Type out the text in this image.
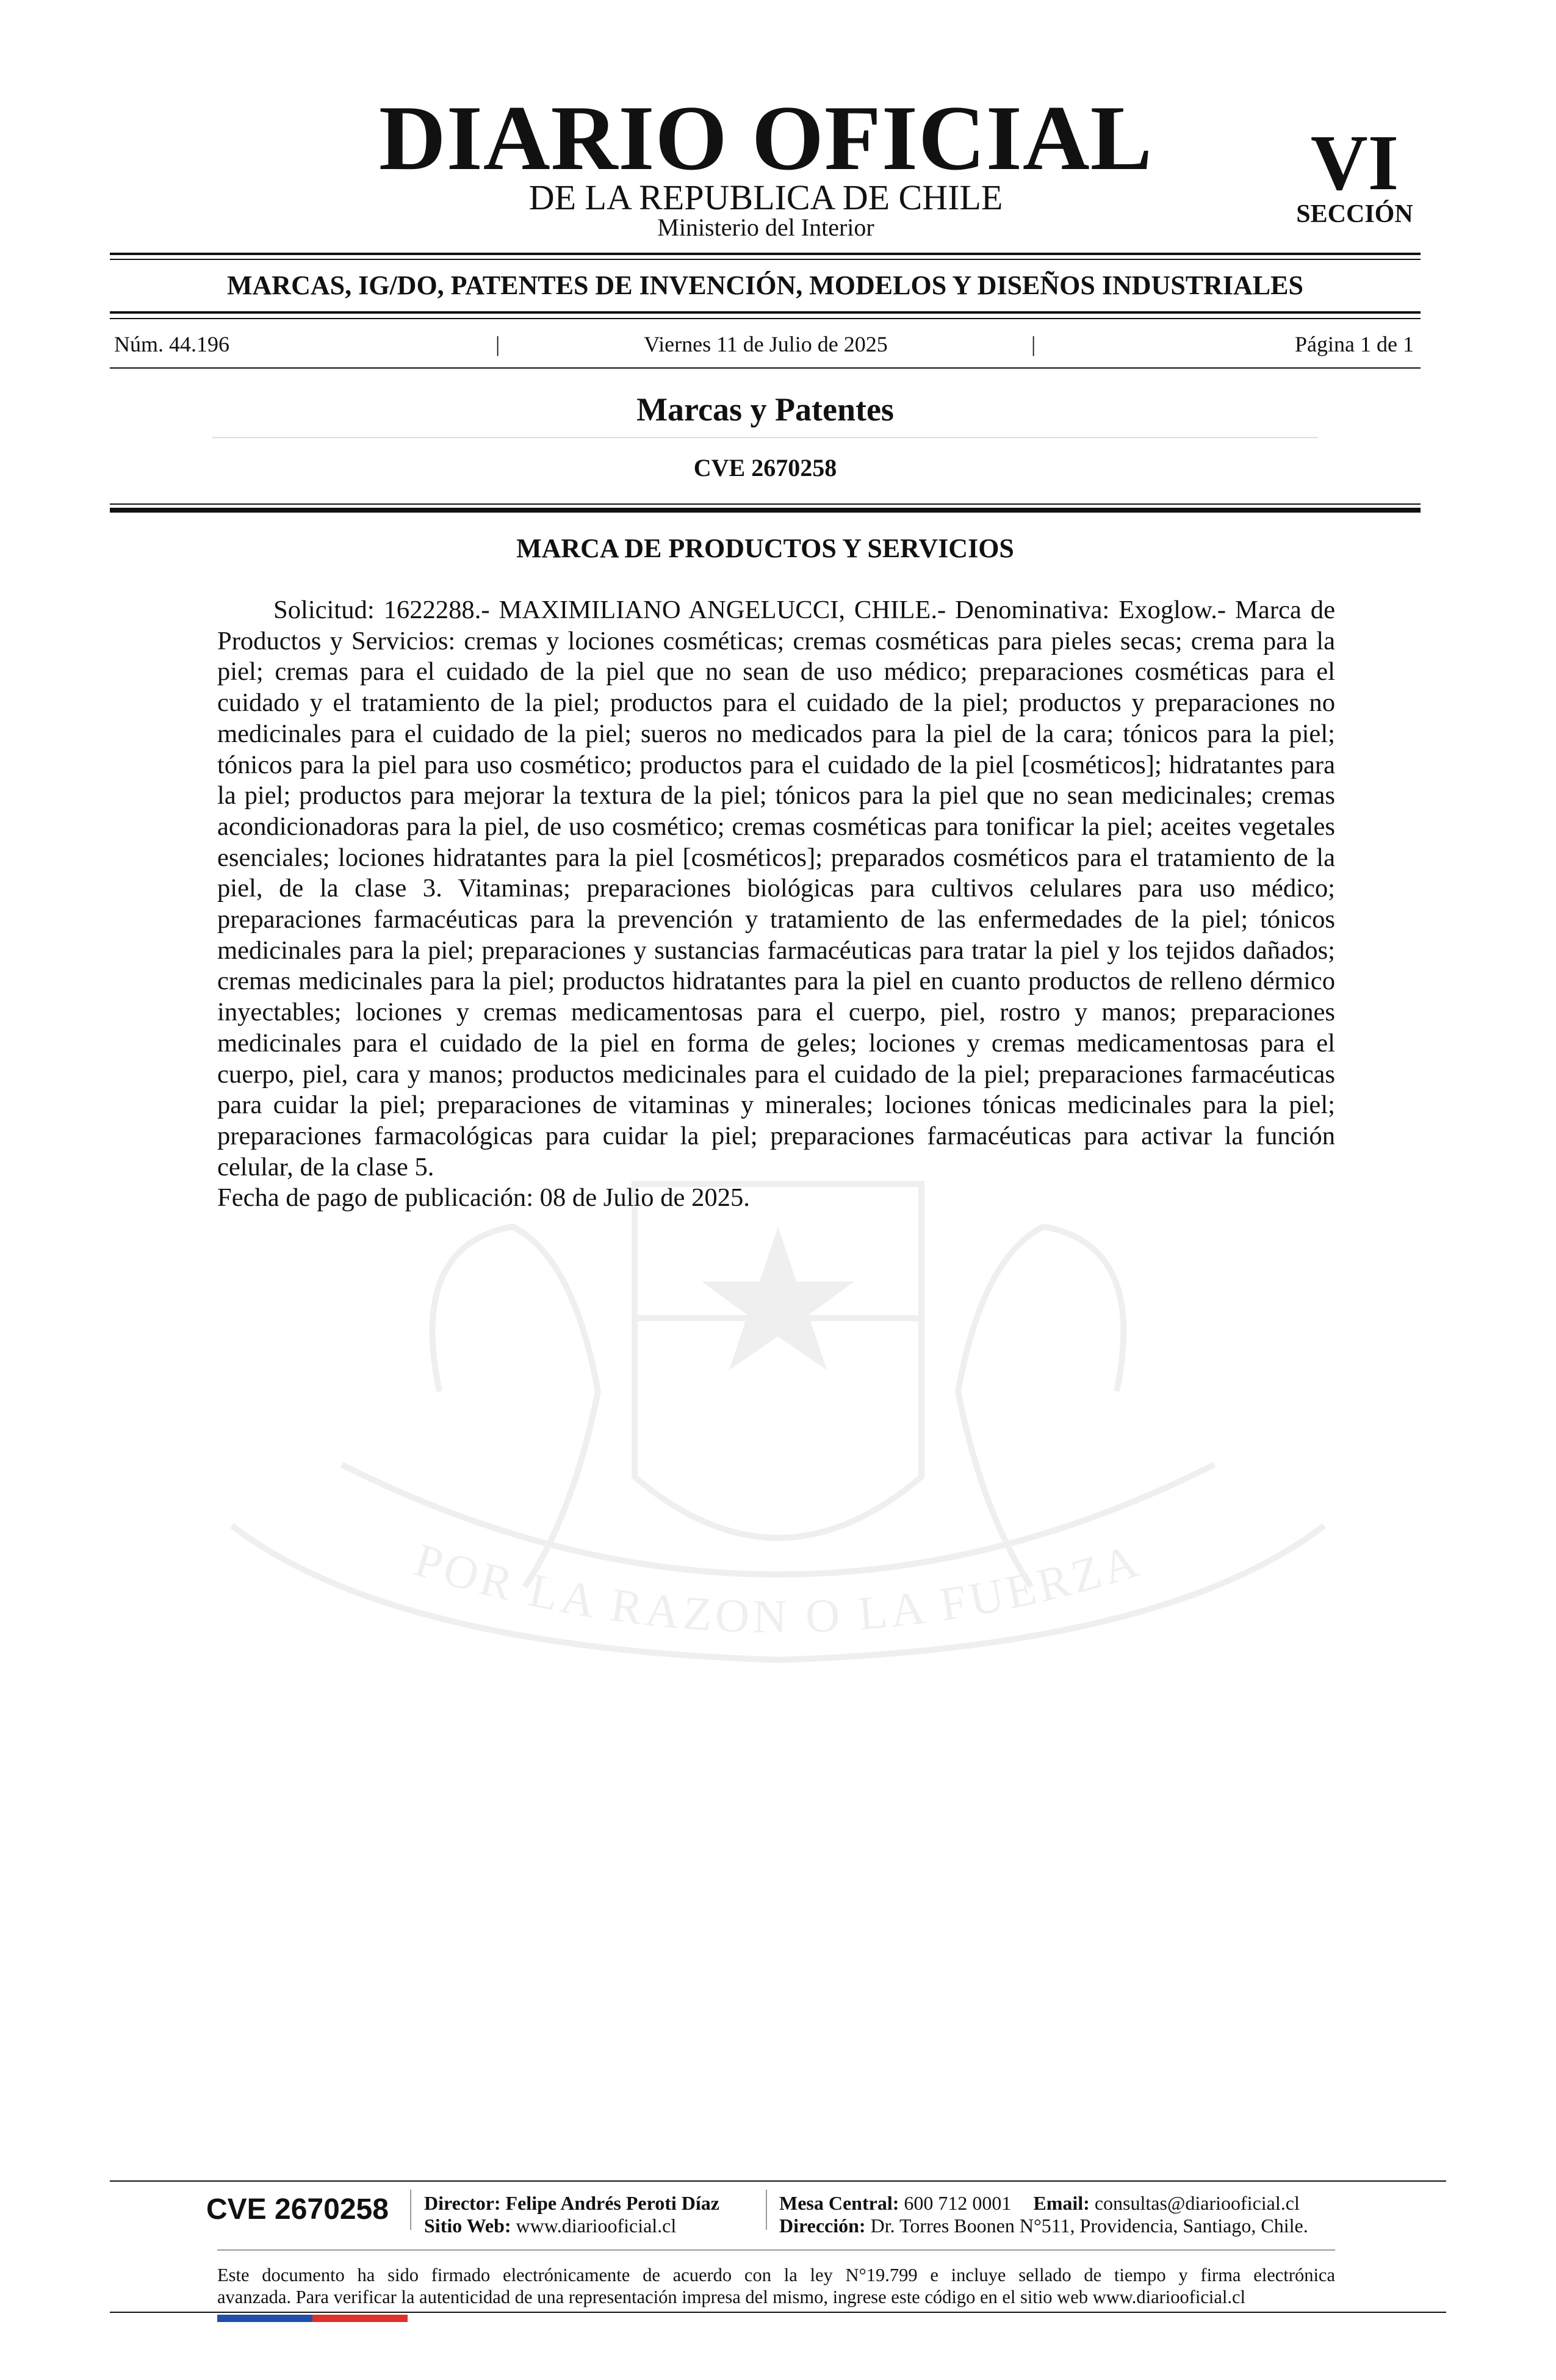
DIARIO OFICIAL
DE LA REPUBLICA DE CHILE
Ministerio del Interior
VI
SECCIÓN
MARCAS, IG/DO, PATENTES DE INVENCIÓN, MODELOS Y DISEÑOS INDUSTRIALES
Núm. 44.196	|	Viernes 11 de Julio de 2025	|	Página 1 de 1
Marcas y Patentes
CVE 2670258
POR LA RAZON O LA FUERZA
MARCA DE PRODUCTOS Y SERVICIOS

Solicitud: 1622288.- MAXIMILIANO ANGELUCCI, CHILE.- Denominativa: Exoglow.- Marca de Productos y Servicios: cremas y lociones cosméticas; cremas cosméticas para pieles secas; crema para la piel; cremas para el cuidado de la piel que no sean de uso médico; preparaciones cosméticas para el cuidado y el tratamiento de la piel; productos para el cuidado de la piel; productos y preparaciones no medicinales para el cuidado de la piel; sueros no medicados para la piel de la cara; tónicos para la piel; tónicos para la piel para uso cosmético; productos para el cuidado de la piel [cosméticos]; hidratantes para la piel; productos para mejorar la textura de la piel; tónicos para la piel que no sean medicinales; cremas acondicionadoras para la piel, de uso cosmético; cremas cosméticas para tonificar la piel; aceites vegetales esenciales; lociones hidratantes para la piel [cosméticos]; preparados cosméticos para el tratamiento de la piel, de la clase 3. Vitaminas; preparaciones biológicas para cultivos celulares para uso médico; preparaciones farmacéuticas para la prevención y tratamiento de las enfermedades de la piel; tónicos medicinales para la piel; preparaciones y sustancias farmacéuticas para tratar la piel y los tejidos dañados; cremas medicinales para la piel; productos hidratantes para la piel en cuanto productos de relleno dérmico inyectables; lociones y cremas medicamentosas para el cuerpo, piel, rostro y manos; preparaciones medicinales para el cuidado de la piel en forma de geles; lociones y cremas medicamentosas para el cuerpo, piel, cara y manos; productos medicinales para el cuidado de la piel; preparaciones farmacéuticas para cuidar la piel; preparaciones de vitaminas y minerales; lociones tónicas medicinales para la piel; preparaciones farmacológicas para cuidar la piel; preparaciones farmacéuticas para activar la función celular, de la clase 5.

Fecha de pago de publicación: 08 de Julio de 2025.

CVE 2670258 Director: Felipe Andrés Peroti Díaz
Sitio Web: www.diariooficial.cl
Mesa Central: 600 712 0001 Email: consultas@diariooficial.cl
Dirección: Dr. Torres Boonen N°511, Providencia, Santiago, Chile.
Este documento ha sido firmado electrónicamente de acuerdo con la ley N°19.799 e incluye sellado de tiempo y firma electrónica
avanzada. Para verificar la autenticidad de una representación impresa del mismo, ingrese este código en el sitio web www.diariooficial.cl
